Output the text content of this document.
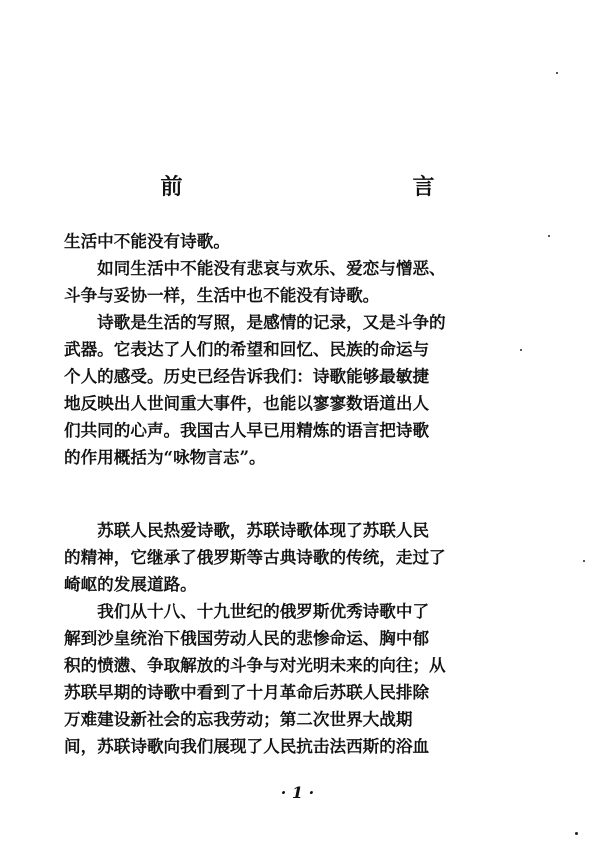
前　　言

生活中不能没有诗歌。

　　如同生活中不能没有悲哀与欢乐、爱恋与憎恶、

斗争与妥协一样，生活中也不能没有诗歌。

　　诗歌是生活的写照，是感情的记录，又是斗争的

武器。它表达了人们的希望和回忆、民族的命运与

个人的感受。历史已经告诉我们：诗歌能够最敏捷

地反映出人世间重大事件，也能以寥寥数语道出人

们共同的心声。我国古人早已用精炼的语言把诗歌

的作用概括为“咏物言志”。

　　苏联人民热爱诗歌，苏联诗歌体现了苏联人民

的精神，它继承了俄罗斯等古典诗歌的传统，走过了

崎岖的发展道路。

　　我们从十八、十九世纪的俄罗斯优秀诗歌中了

解到沙皇统治下俄国劳动人民的悲惨命运、胸中郁

积的愤懑、争取解放的斗争与对光明未来的向往；从

苏联早期的诗歌中看到了十月革命后苏联人民排除

万难建设新社会的忘我劳动；第二次世界大战期

间，苏联诗歌向我们展现了人民抗击法西斯的浴血

· 1 ·
